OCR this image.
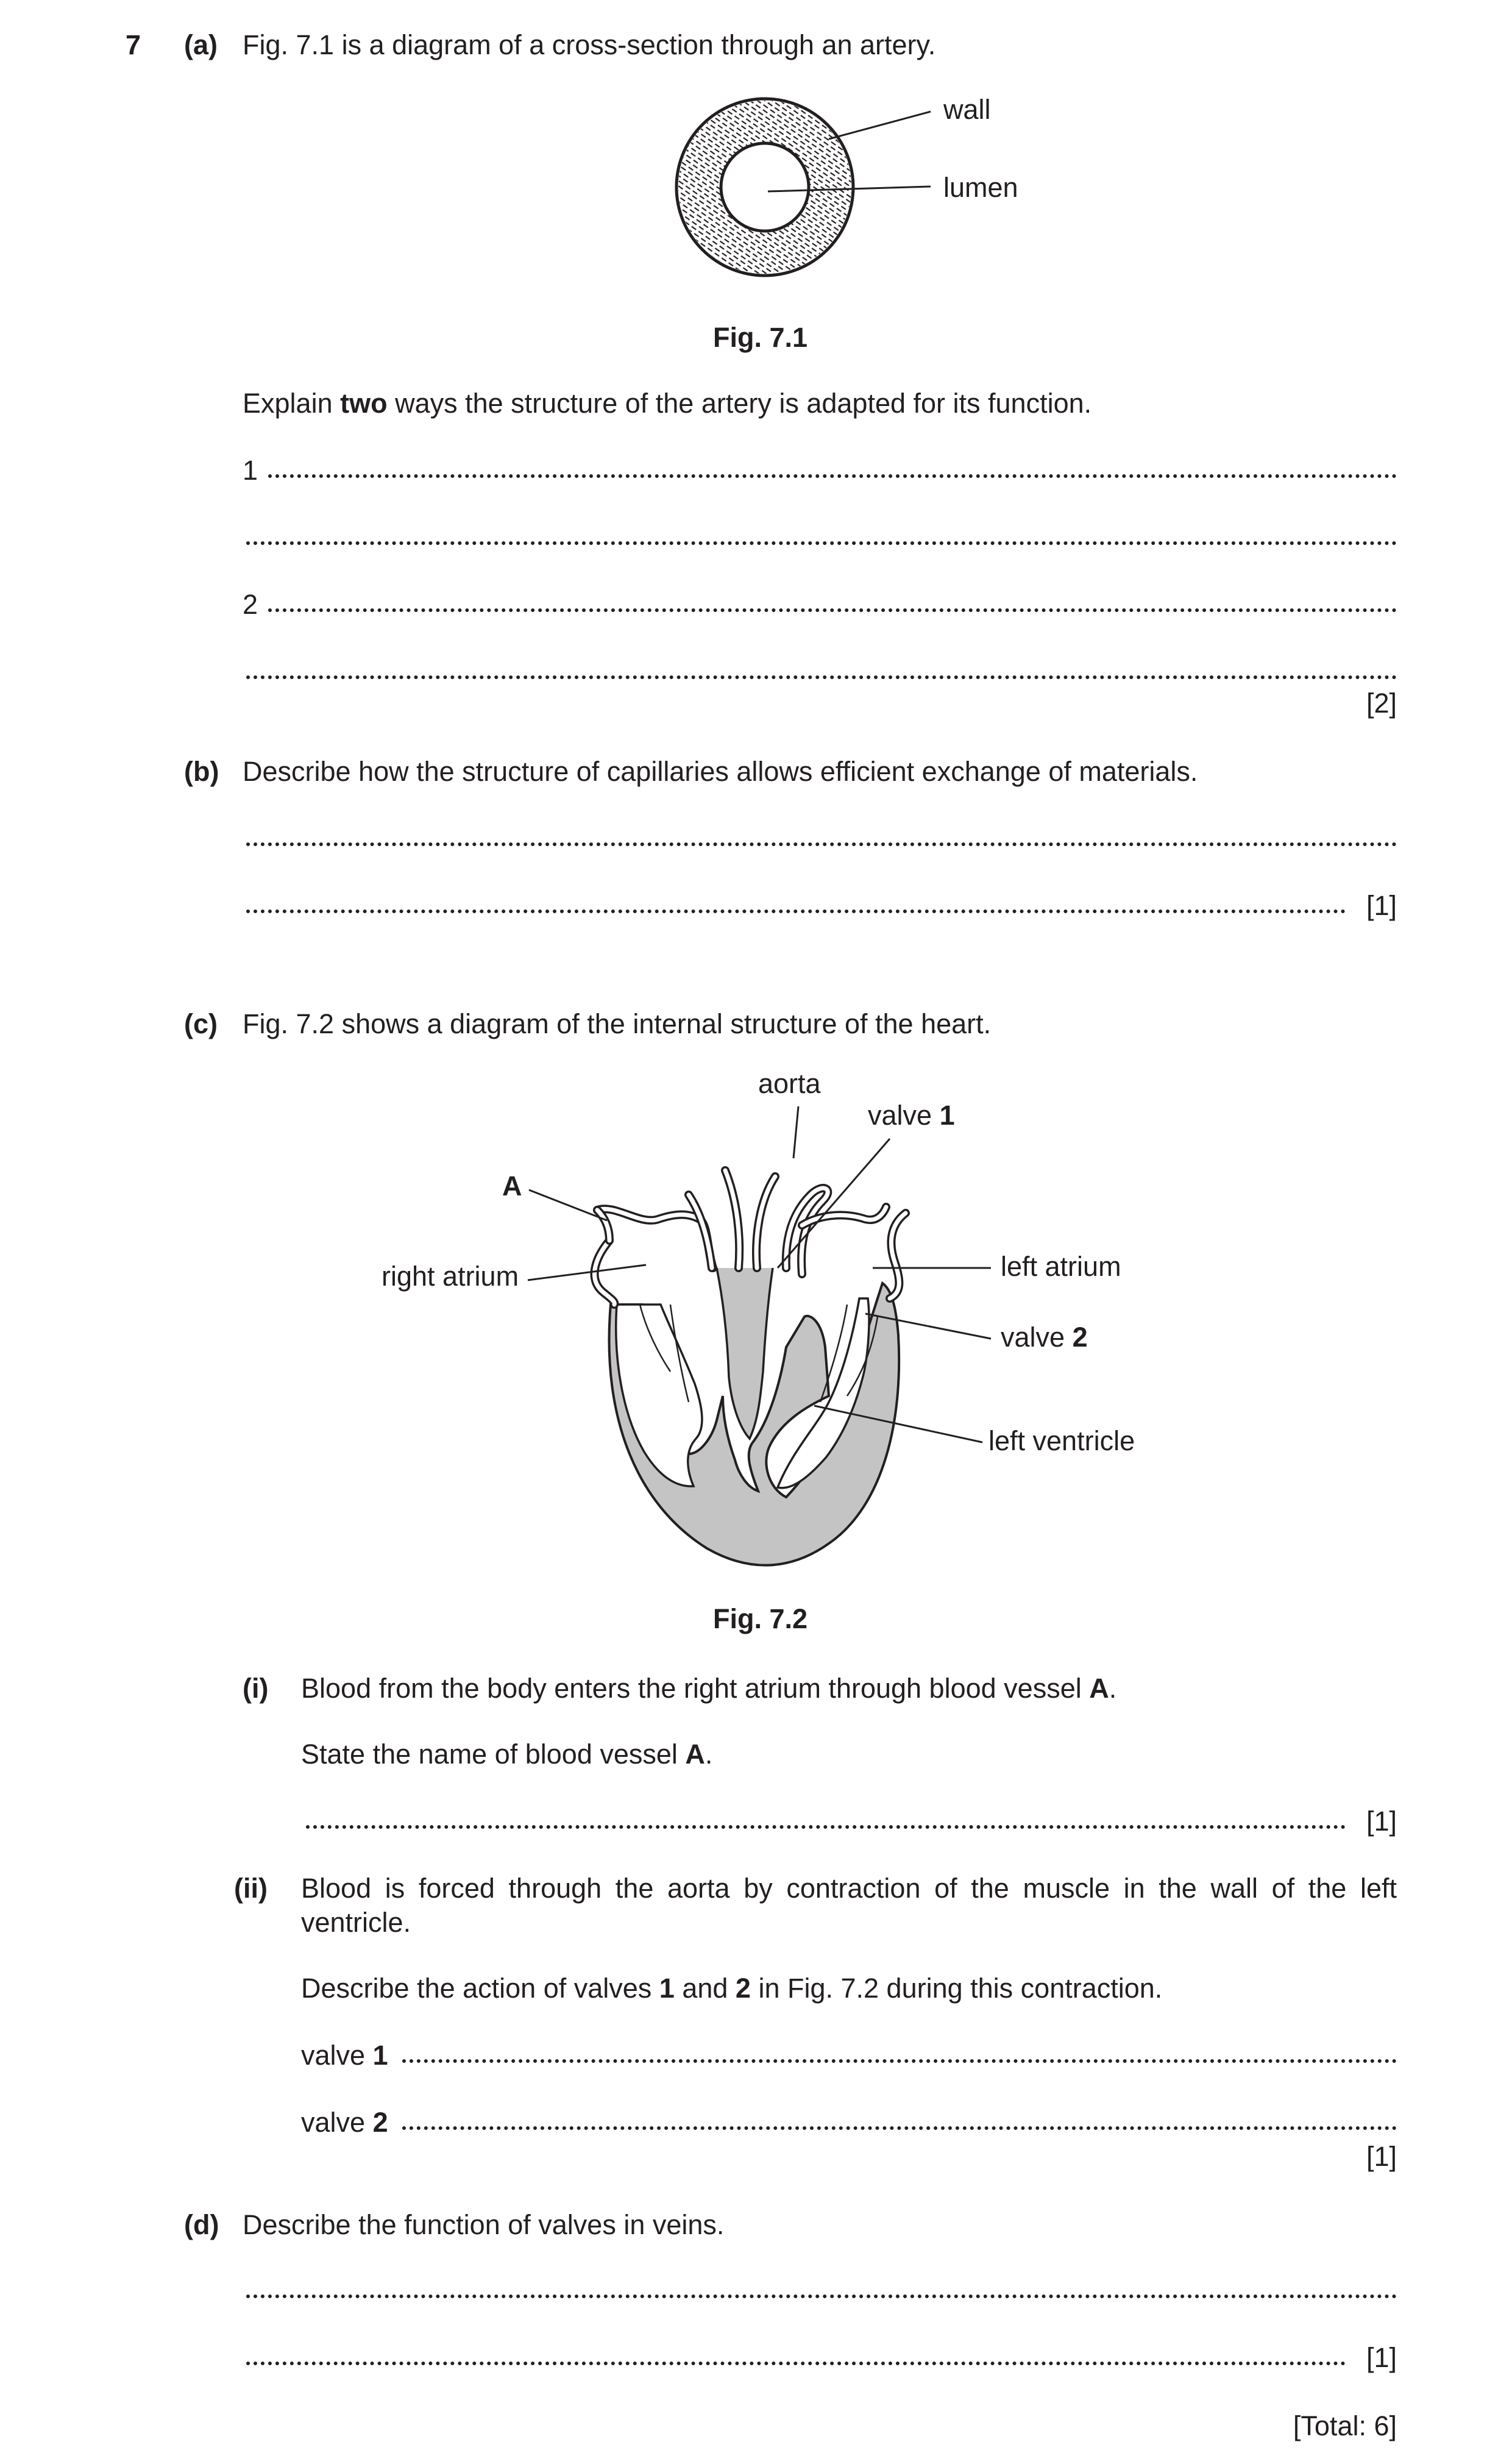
7 (a) Fig. 7.1 is a diagram of a cross-section through an artery.
wall
lumen
Fig. 7.1
Explain two ways the structure of the artery is adapted for its function.
1
2
[2]
(b) Describe how the structure of capillaries allows efficient exchange of materials.
[1]
(c) Fig. 7.2 shows a diagram of the internal structure of the heart.
aorta
valve 1
A
right atrium	left atrium
valve 2
left ventricle
Fig. 7.2
(i) Blood from the body enters the right atrium through blood vessel A.
State the name of blood vessel A.
[1]
(ii) Blood is forced through the aorta by contraction of the muscle in the wall of the left
ventricle.
Describe the action of valves 1 and 2 in Fig. 7.2 during this contraction.
valve 1
valve 2
[1]
(d) Describe the function of valves in veins.
[1]
[Total: 6]
